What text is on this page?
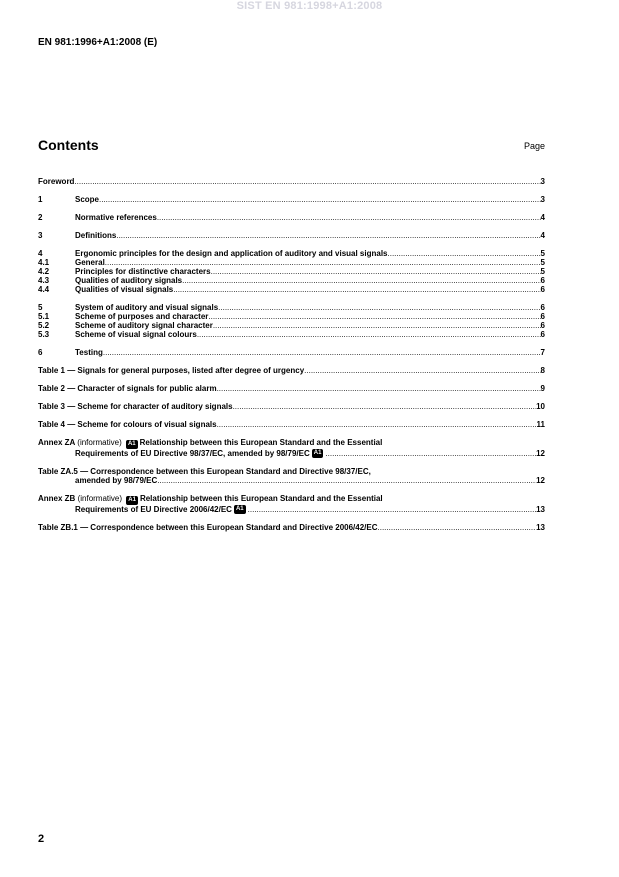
SIST EN 981:1998+A1:2008
EN 981:1996+A1:2008 (E)
Contents	Page
Foreword .....	3
1	Scope .....	3
2	Normative references .....	4
3	Definitions .....	4
4	Ergonomic principles for the design and application of auditory and visual signals .....	5
4.1	General .....	5
4.2	Principles for distinctive characters .....	5
4.3	Qualities of auditory signals .....	6
4.4	Qualities of visual signals .....	6
5	System of auditory and visual signals .....	6
5.1	Scheme of purposes and character .....	6
5.2	Scheme of auditory signal character .....	6
5.3	Scheme of visual signal colours .....	6
6	Testing .....	7
Table 1 — Signals for general purposes, listed after degree of urgency .....	8
Table 2 — Character of signals for public alarm .....	9
Table 3 — Scheme for character of auditory signals .....	10
Table 4 — Scheme for colours of visual signals .....	11
Annex ZA (informative) A1 Relationship between this European Standard and the Essential
Requirements of EU Directive 98/37/EC, amended by 98/79/EC A1 .....	12
Table ZA.5 — Correspondence between this European Standard and Directive 98/37/EC,
amended by 98/79/EC .....	12
Annex ZB (informative) A1 Relationship between this European Standard and the Essential
Requirements of EU Directive 2006/42/EC A1 .....	13
Table ZB.1 — Correspondence between this European Standard and Directive 2006/42/EC .....	13
2
